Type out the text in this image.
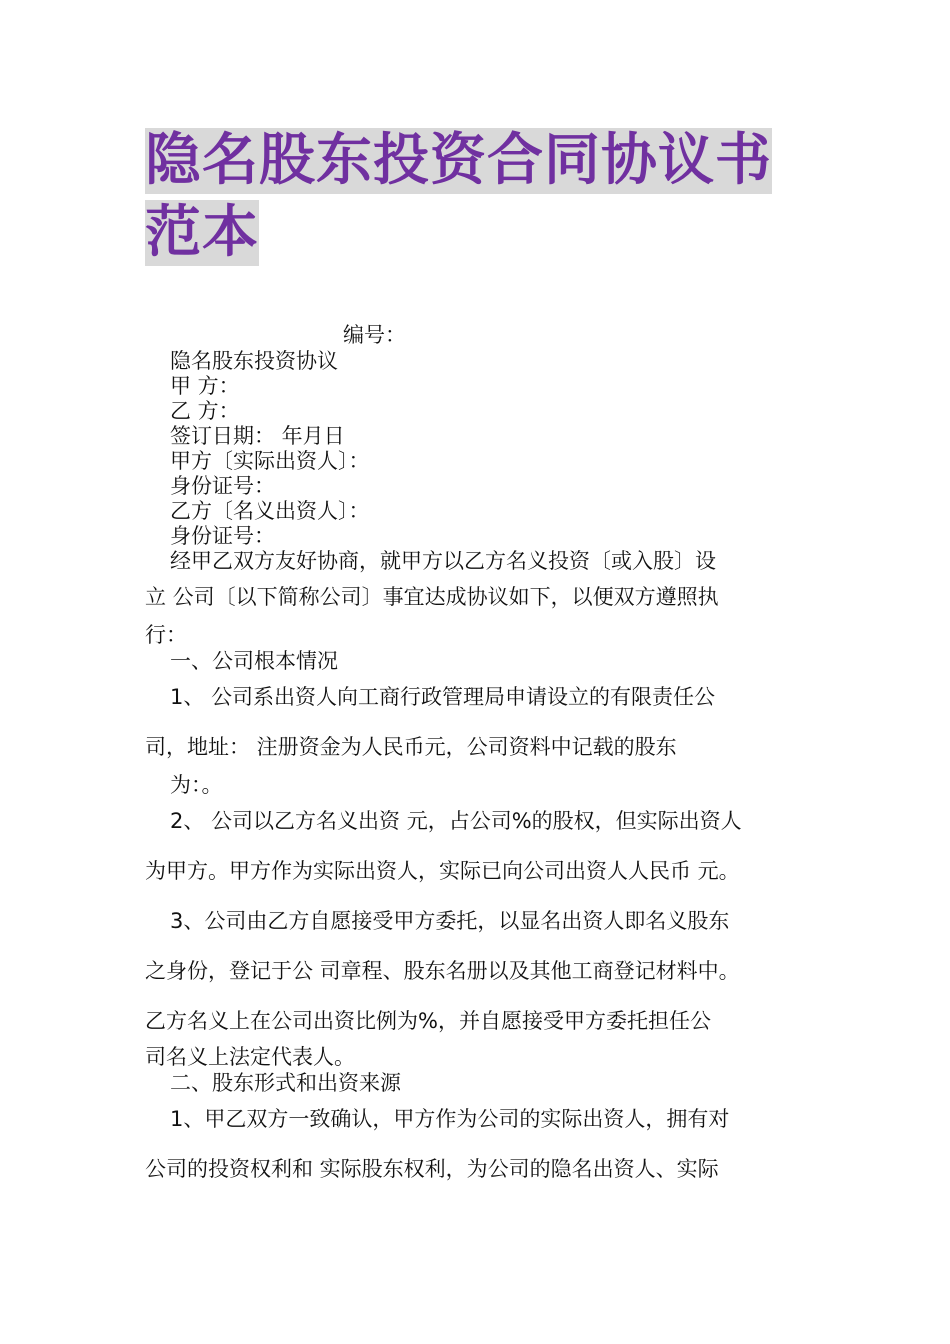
隐名股东投资合同协议书
范本
编号：
隐名股东投资协议
甲 方：
乙 方：
签订日期： 年月日
甲方〔实际出资人〕：
身份证号：
乙方〔名义出资人〕：
身份证号：
经甲乙双方友好协商，就甲方以乙方名义投资〔或入股〕设
立 公司〔以下简称公司〕事宜达成协议如下，以便双方遵照执
行：
一、公司根本情况
1、 公司系出资人向工商行政管理局申请设立的有限责任公
司，地址： 注册资金为人民币元，公司资料中记载的股东
为：。
2、 公司以乙方名义出资 元，占公司%的股权，但实际出资人
为甲方。甲方作为实际出资人，实际已向公司出资人人民币 元。
3、公司由乙方自愿接受甲方委托，以显名出资人即名义股东
之身份，登记于公 司章程、股东名册以及其他工商登记材料中。
乙方名义上在公司出资比例为%，并自愿接受甲方委托担任公
司名义上法定代表人。
二、股东形式和出资来源
1、甲乙双方一致确认，甲方作为公司的实际出资人，拥有对
公司的投资权利和 实际股东权利，为公司的隐名出资人、实际
